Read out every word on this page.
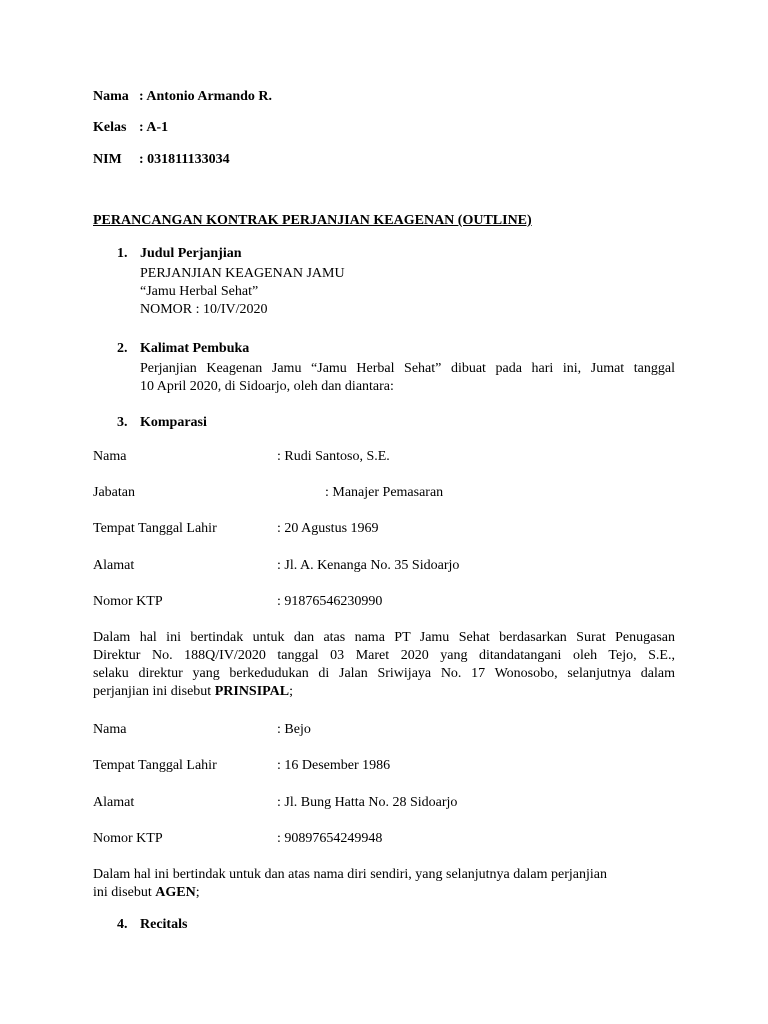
Nama : Antonio Armando R.
Kelas : A-1
NIM : 031811133034
PERANCANGAN KONTRAK PERJANJIAN KEAGENAN (OUTLINE)
1. Judul Perjanjian
PERJANJIAN KEAGENAN JAMU
“Jamu Herbal Sehat”
NOMOR : 10/IV/2020
2. Kalimat Pembuka
Perjanjian Keagenan Jamu “Jamu Herbal Sehat” dibuat pada hari ini, Jumat tanggal
10 April 2020, di Sidoarjo, oleh dan diantara:
3. Komparasi
Nama	: Rudi Santoso, S.E.
Jabatan	: Manajer Pemasaran
Tempat Tanggal Lahir	: 20 Agustus 1969
Alamat	: Jl. A. Kenanga No. 35 Sidoarjo
Nomor KTP	: 91876546230990
Dalam hal ini bertindak untuk dan atas nama PT Jamu Sehat berdasarkan Surat Penugasan
Direktur No. 188Q/IV/2020 tanggal 03 Maret 2020 yang ditandatangani oleh Tejo, S.E.,
selaku direktur yang berkedudukan di Jalan Sriwijaya No. 17 Wonosobo, selanjutnya dalam
perjanjian ini disebut PRINSIPAL;
Nama	: Bejo
Tempat Tanggal Lahir	: 16 Desember 1986
Alamat	: Jl. Bung Hatta No. 28 Sidoarjo
Nomor KTP	: 90897654249948
Dalam hal ini bertindak untuk dan atas nama diri sendiri, yang selanjutnya dalam perjanjian
ini disebut AGEN;
4. Recitals
